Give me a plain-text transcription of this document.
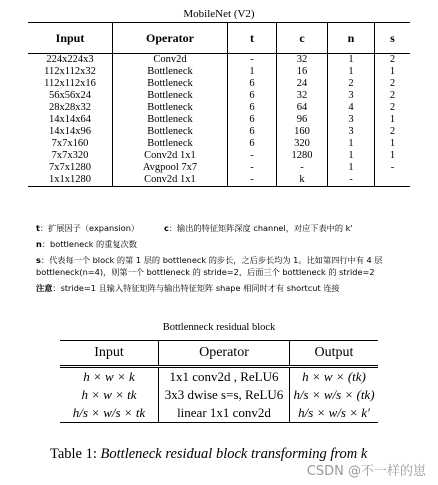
MobileNet (V2)
Input	Operator	t	c	n	s
224x224x3	Conv2d	-	32	1	2
112x112x32	Bottleneck	1	16	1	1
112x112x16	Bottleneck	6	24	2	2
56x56x24	Bottleneck	6	32	3	2
28x28x32	Bottleneck	6	64	4	2
14x14x64	Bottleneck	6	96	3	1
14x14x96	Bottleneck	6	160	3	2
7x7x160	Bottleneck	6	320	1	1
7x7x320	Conv2d 1x1	-	1280	1	1
7x7x1280	Avgpool 7x7	-	-	1	-
1x1x1280	Conv2d 1x1	-	k	-	
t：扩展因子（expansion）	c：输出的特征矩阵深度 channel，对应下表中的 k'
n：bottleneck 的重复次数
s：代表每一个 block 的第 1 层的 bottleneck 的步长，之后步长均为 1。比如第四行中有 4 层 bottleneck(n=4)，则第一个 bottleneck 的 stride=2，后面三个 bottleneck 的 stride=2
注意：stride=1 且输入特征矩阵与输出特征矩阵 shape 相同时才有 shortcut 连接
Bottlenneck residual block
Input	Operator	Output
h × w × k	1x1 conv2d , ReLU6	h × w × (tk)
h × w × tk	3x3 dwise s=s, ReLU6	h/s × w/s × (tk)
h/s × w/s × tk	linear 1x1 conv2d	h/s × w/s × k′
Table 1: Bottleneck residual block transforming from k
CSDN @不一样的崽
